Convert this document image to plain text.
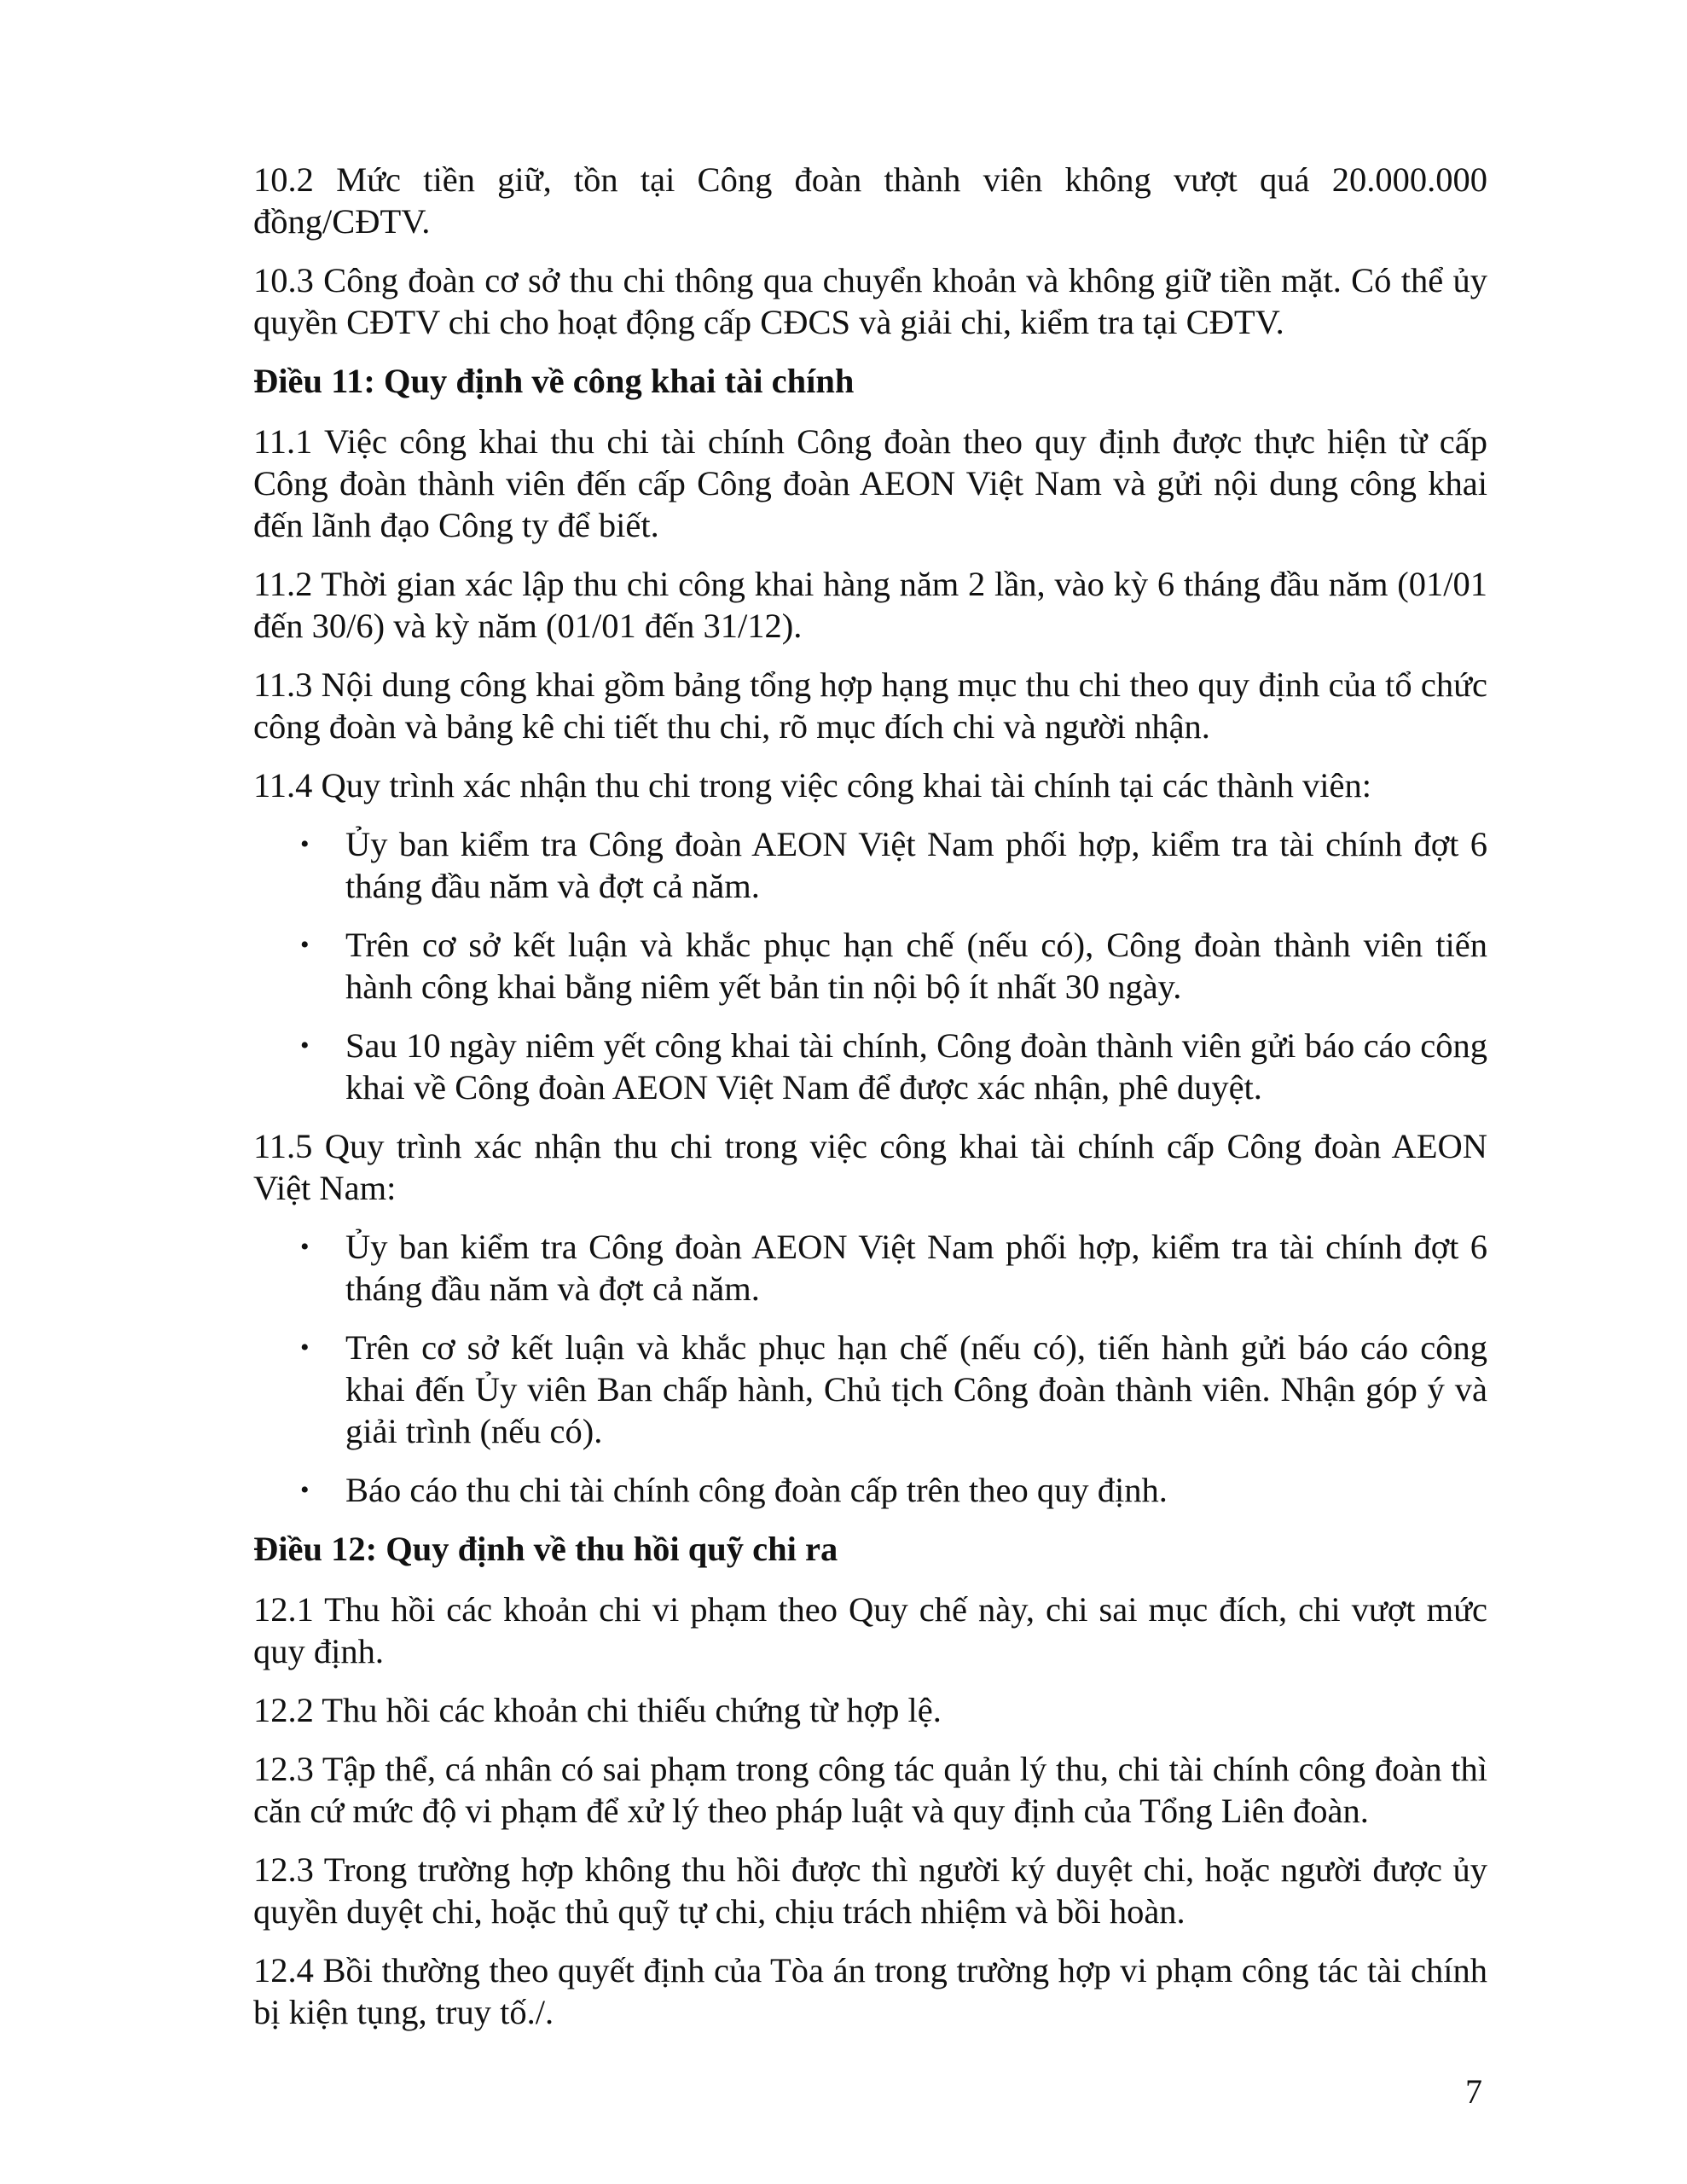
10.2 Mức tiền giữ, tồn tại Công đoàn thành viên không vượt quá 20.000.000 đồng/CĐTV.

10.3 Công đoàn cơ sở thu chi thông qua chuyển khoản và không giữ tiền mặt. Có thể ủy quyền CĐTV chi cho hoạt động cấp CĐCS và giải chi, kiểm tra tại CĐTV.

Điều 11: Quy định về công khai tài chính

11.1 Việc công khai thu chi tài chính Công đoàn theo quy định được thực hiện từ cấp Công đoàn thành viên đến cấp Công đoàn AEON Việt Nam và gửi nội dung công khai đến lãnh đạo Công ty để biết.

11.2 Thời gian xác lập thu chi công khai hàng năm 2 lần, vào kỳ 6 tháng đầu năm (01/01 đến 30/6) và kỳ năm (01/01 đến 31/12).

11.3 Nội dung công khai gồm bảng tổng hợp hạng mục thu chi theo quy định của tổ chức công đoàn và bảng kê chi tiết thu chi, rõ mục đích chi và người nhận.

11.4 Quy trình xác nhận thu chi trong việc công khai tài chính tại các thành viên:

• Ủy ban kiểm tra Công đoàn AEON Việt Nam phối hợp, kiểm tra tài chính đợt 6 tháng đầu năm và đợt cả năm.
• Trên cơ sở kết luận và khắc phục hạn chế (nếu có), Công đoàn thành viên tiến hành công khai bằng niêm yết bản tin nội bộ ít nhất 30 ngày.
• Sau 10 ngày niêm yết công khai tài chính, Công đoàn thành viên gửi báo cáo công khai về Công đoàn AEON Việt Nam để được xác nhận, phê duyệt.

11.5 Quy trình xác nhận thu chi trong việc công khai tài chính cấp Công đoàn AEON Việt Nam:

• Ủy ban kiểm tra Công đoàn AEON Việt Nam phối hợp, kiểm tra tài chính đợt 6 tháng đầu năm và đợt cả năm.
• Trên cơ sở kết luận và khắc phục hạn chế (nếu có), tiến hành gửi báo cáo công khai đến Ủy viên Ban chấp hành, Chủ tịch Công đoàn thành viên. Nhận góp ý và giải trình (nếu có).
• Báo cáo thu chi tài chính công đoàn cấp trên theo quy định.

Điều 12: Quy định về thu hồi quỹ chi ra

12.1 Thu hồi các khoản chi vi phạm theo Quy chế này, chi sai mục đích, chi vượt mức quy định.

12.2 Thu hồi các khoản chi thiếu chứng từ hợp lệ.

12.3 Tập thể, cá nhân có sai phạm trong công tác quản lý thu, chi tài chính công đoàn thì căn cứ mức độ vi phạm để xử lý theo pháp luật và quy định của Tổng Liên đoàn.

12.3 Trong trường hợp không thu hồi được thì người ký duyệt chi, hoặc người được ủy quyền duyệt chi, hoặc thủ quỹ tự chi, chịu trách nhiệm và bồi hoàn.

12.4 Bồi thường theo quyết định của Tòa án trong trường hợp vi phạm công tác tài chính bị kiện tụng, truy tố./.

7
